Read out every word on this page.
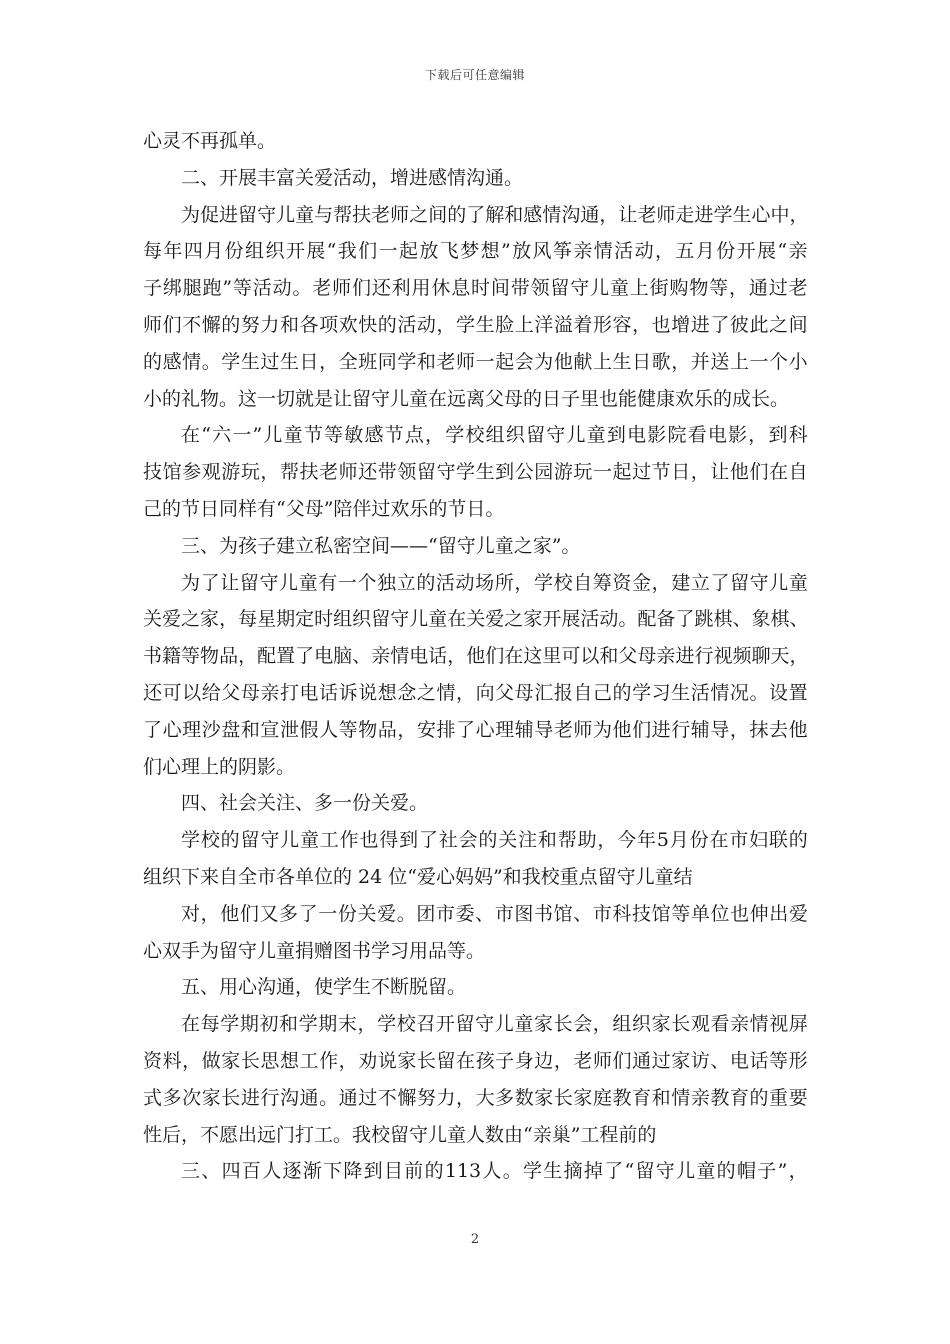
下载后可任意编辑
心灵不再孤单。
二、开展丰富关爱活动，增进感情沟通。
为 促 进 留 守 儿 童 与 帮 扶 老 师 之 间 的 了 解 和 感 情 沟 通 ， 让 老 师 走 进 学 生 心 中 ，
每 年 四 月 份 组 织 开 展 “ 我 们 一 起 放 飞 梦 想 ” 放 风 筝 亲 情 活 动 ， 五 月 份 开 展 “ 亲
子 绑 腿 跑 ” 等 活 动 。 老 师 们 还 利 用 休 息 时 间 带 领 留 守 儿 童 上 街 购 物 等 ， 通 过 老
师 们 不 懈 的 努 力 和 各 项 欢 快 的 活 动 ， 学 生 脸 上 洋 溢 着 形 容 ， 也 增 进 了 彼 此 之 间
的 感 情 。 学 生 过 生 日 ， 全 班 同 学 和 老 师 一 起 会 为 他 献 上 生 日 歌 ， 并 送 上 一 个 小
小的礼物。这一切就是让留守儿童在远离父母的日子里也能健康欢乐的成长。
在 “ 六 一 ” 儿 童 节 等 敏 感 节 点 ， 学 校 组 织 留 守 儿 童 到 电 影 院 看 电 影 ， 到 科
技 馆 参 观 游 玩 ， 帮 扶 老 师 还 带 领 留 守 学 生 到 公 园 游 玩 一 起 过 节 日 ， 让 他 们 在 自
己的节日同样有“父母”陪伴过欢乐的节日。
三、为孩子建立私密空间——“留守儿童之家”。
为 了 让 留 守 儿 童 有 一 个 独 立 的 活 动 场 所 ， 学 校 自 筹 资 金 ， 建 立 了 留 守 儿 童
关 爱 之 家 ， 每 星 期 定 时 组 织 留 守 儿 童 在 关 爱 之 家 开 展 活 动 。 配 备 了 跳 棋 、 象 棋 、
书 籍 等 物 品 ， 配 置 了 电 脑 、 亲 情 电 话 ， 他 们 在 这 里 可 以 和 父 母 亲 进 行 视 频 聊 天 ，
还 可 以 给 父 母 亲 打 电 话 诉 说 想 念 之 情 ， 向 父 母 汇 报 自 己 的 学 习 生 活 情 况 。 设 置
了 心 理 沙 盘 和 宣 泄 假 人 等 物 品 ， 安 排 了 心 理 辅 导 老 师 为 他 们 进 行 辅 导 ， 抹 去 他
们心理上的阴影。
四、社会关注、多一份关爱。
学 校 的 留 守 儿 童 工 作 也 得 到 了 社 会 的 关 注 和 帮 助 ， 今 年 5 月 份 在 市 妇 联 的
组织下来自全市各单位的 24 位“爱心妈妈”和我校重点留守儿童结
对 ， 他 们 又 多 了 一 份 关 爱 。 团 市 委 、 市 图 书 馆 、 市 科 技 馆 等 单 位 也 伸 出 爱
心双手为留守儿童捐赠图书学习用品等。
五、用心沟通，使学生不断脱留。
在 每 学 期 初 和 学 期 末 ， 学 校 召 开 留 守 儿 童 家 长 会 ， 组 织 家 长 观 看 亲 情 视 屏
资 料 ， 做 家 长 思 想 工 作 ， 劝 说 家 长 留 在 孩 子 身 边 ， 老 师 们 通 过 家 访 、 电 话 等 形
式 多 次 家 长 进 行 沟 通 。 通 过 不 懈 努 力 ， 大 多 数 家 长 家 庭 教 育 和 情 亲 教 育 的 重 要
性后，不愿出远门打工。我校留守儿童人数由“亲巢”工程前的
三 、 四 百 人 逐 渐 下 降 到 目 前 的 113 人 。 学 生 摘 掉 了 “ 留 守 儿 童 的 帽 子 ” ，
2
